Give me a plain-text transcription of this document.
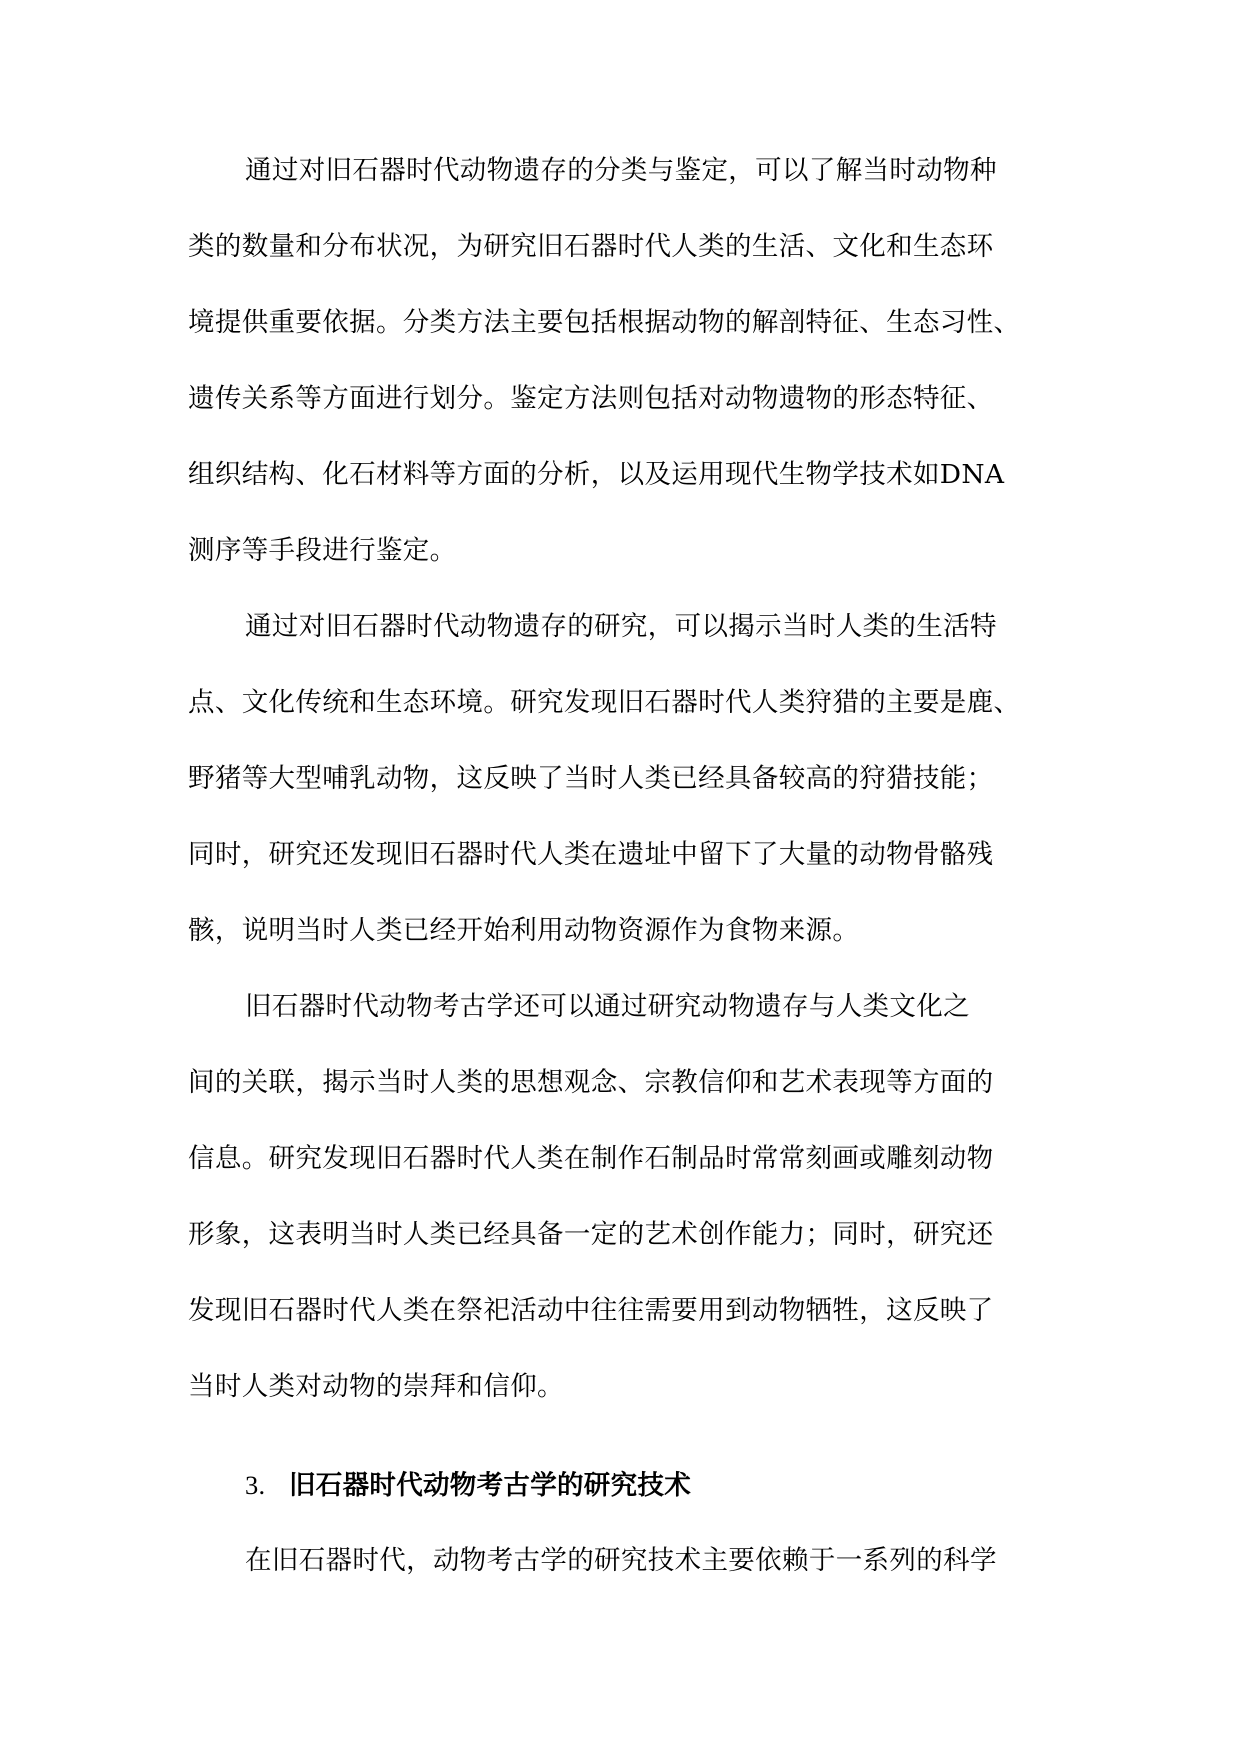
通过对旧石器时代动物遗存的分类与鉴定，可以了解当时动物种
类的数量和分布状况，为研究旧石器时代人类的生活、文化和生态环
境提供重要依据。分类方法主要包括根据动物的解剖特征、生态习性、
遗传关系等方面进行划分。鉴定方法则包括对动物遗物的形态特征、
组织结构、化石材料等方面的分析，以及运用现代生物学技术如DNA
测序等手段进行鉴定。
通过对旧石器时代动物遗存的研究，可以揭示当时人类的生活特
点、文化传统和生态环境。研究发现旧石器时代人类狩猎的主要是鹿、
野猪等大型哺乳动物，这反映了当时人类已经具备较高的狩猎技能；
同时，研究还发现旧石器时代人类在遗址中留下了大量的动物骨骼残
骸，说明当时人类已经开始利用动物资源作为食物来源。
旧石器时代动物考古学还可以通过研究动物遗存与人类文化之
间的关联，揭示当时人类的思想观念、宗教信仰和艺术表现等方面的
信息。研究发现旧石器时代人类在制作石制品时常常刻画或雕刻动物
形象，这表明当时人类已经具备一定的艺术创作能力；同时，研究还
发现旧石器时代人类在祭祀活动中往往需要用到动物牺牲，这反映了
当时人类对动物的崇拜和信仰。
3. 旧石器时代动物考古学的研究技术
在旧石器时代，动物考古学的研究技术主要依赖于一系列的科学
